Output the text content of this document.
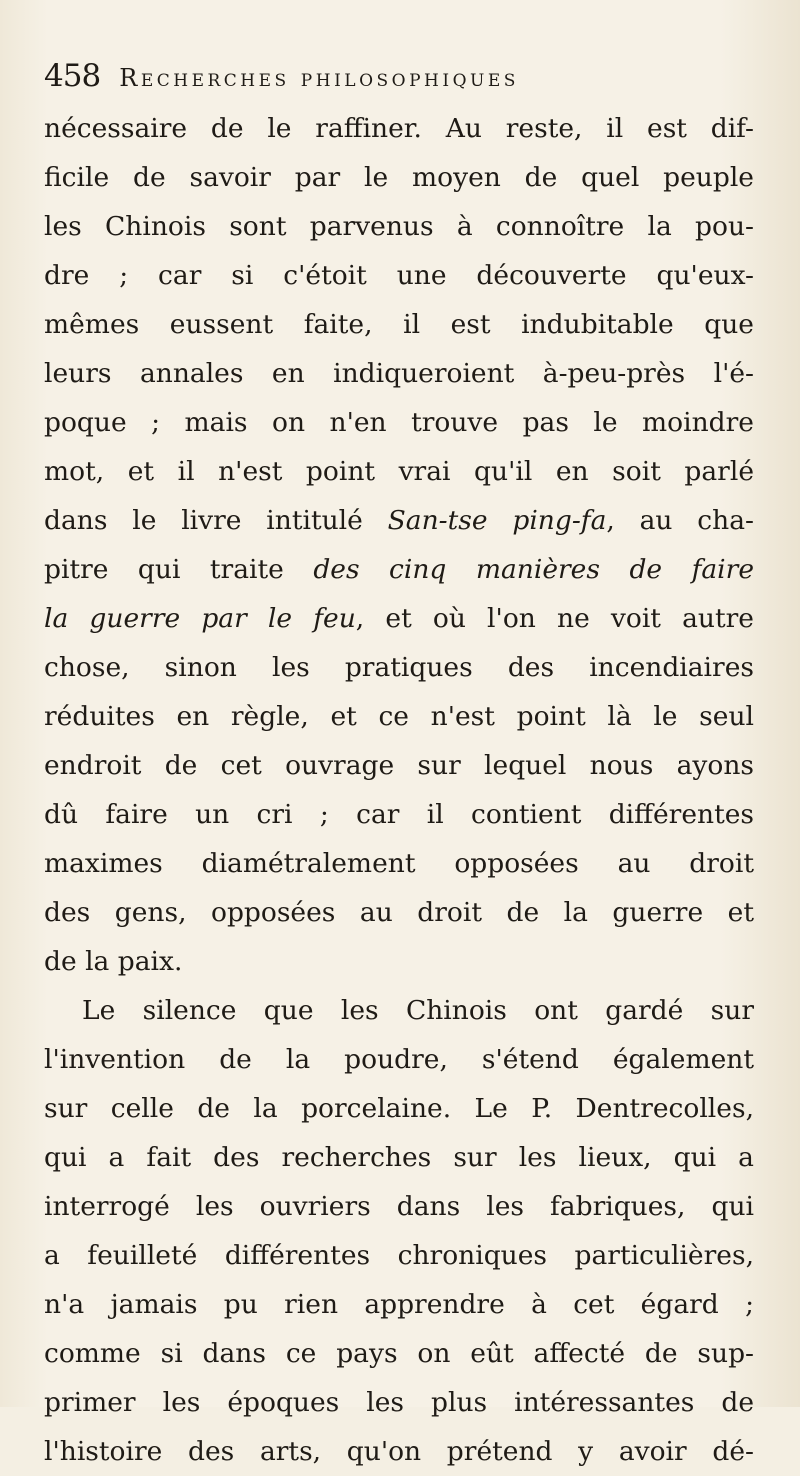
458 Recherches philosophiques
nécessaire de le raffiner. Au reste, il est dif-
ficile de savoir par le moyen de quel peuple
les Chinois sont parvenus à connoître la pou-
dre ; car si c'étoit une découverte qu'eux-
mêmes eussent faite, il est indubitable que
leurs annales en indiqueroient à-peu-près l'é-
poque ; mais on n'en trouve pas le moindre
mot, et il n'est point vrai qu'il en soit parlé
dans le livre intitulé San-tse ping-fa, au cha-
pitre qui traite des cinq manières de faire
la guerre par le feu, et où l'on ne voit autre
chose, sinon les pratiques des incendiaires
réduites en règle, et ce n'est point là le seul
endroit de cet ouvrage sur lequel nous ayons
dû faire un cri ; car il contient différentes
maximes diamétralement opposées au droit
des gens, opposées au droit de la guerre et
de la paix.
Le silence que les Chinois ont gardé sur
l'invention de la poudre, s'étend également
sur celle de la porcelaine. Le P. Dentrecolles,
qui a fait des recherches sur les lieux, qui a
interrogé les ouvriers dans les fabriques, qui
a feuilleté différentes chroniques particulières,
n'a jamais pu rien apprendre à cet égard ;
comme si dans ce pays on eût affecté de sup-
primer les époques les plus intéressantes de
l'histoire des arts, qu'on prétend y avoir dé-
